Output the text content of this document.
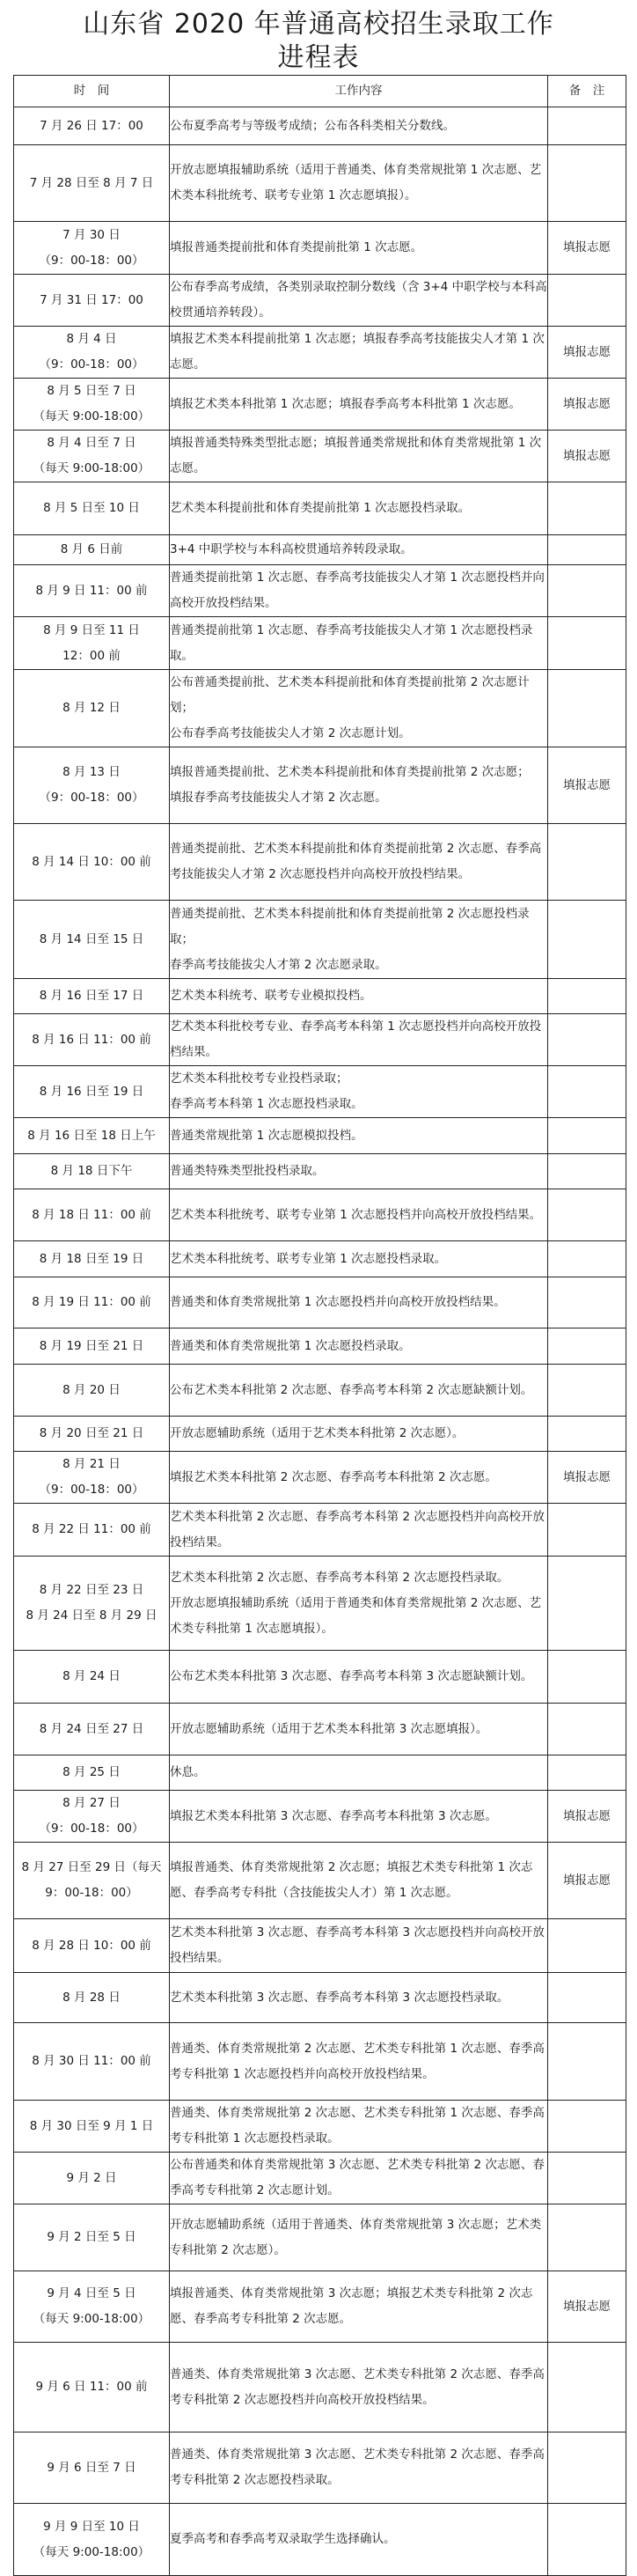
山东省 2020 年普通高校招生录取工作
进程表
时　间	工作内容	备　注

7 月 26 日 17：00	公布夏季高考与等级考成绩；公布各科类相关分数线。	

7 月 28 日至 8 月 7 日	开放志愿填报辅助系统（适用于普通类、体育类常规批第 1 次志愿、艺术类本科批统考、联考专业第 1 次志愿填报）。	

7 月 30 日
（9：00-18：00）	填报普通类提前批和体育类提前批第 1 次志愿。	填报志愿

7 月 31 日 17：00	公布春季高考成绩，各类别录取控制分数线（含 3+4 中职学校与本科高校贯通培养转段）。	

8 月 4 日
（9：00-18：00）	填报艺术类本科提前批第 1 次志愿；填报春季高考技能拔尖人才第 1 次志愿。	填报志愿

8 月 5 日至 7 日
（每天 9:00-18:00）	填报艺术类本科批第 1 次志愿；填报春季高考本科批第 1 次志愿。	填报志愿

8 月 4 日至 7 日
（每天 9:00-18:00）	填报普通类特殊类型批志愿；填报普通类常规批和体育类常规批第 1 次志愿。	填报志愿

8 月 5 日至 10 日	艺术类本科提前批和体育类提前批第 1 次志愿投档录取。	

8 月 6 日前	3+4 中职学校与本科高校贯通培养转段录取。	

8 月 9 日 11：00 前	普通类提前批第 1 次志愿、春季高考技能拔尖人才第 1 次志愿投档并向高校开放投档结果。	

8 月 9 日至 11 日
12：00 前	普通类提前批第 1 次志愿、春季高考技能拔尖人才第 1 次志愿投档录取。	

8 月 12 日	公布普通类提前批、艺术类本科提前批和体育类提前批第 2 次志愿计划；
公布春季高考技能拔尖人才第 2 次志愿计划。	

8 月 13 日
（9：00-18：00）	填报普通类提前批、艺术类本科提前批和体育类提前批第 2 次志愿；
填报春季高考技能拔尖人才第 2 次志愿。	填报志愿

8 月 14 日 10：00 前	普通类提前批、艺术类本科提前批和体育类提前批第 2 次志愿、春季高考技能拔尖人才第 2 次志愿投档并向高校开放投档结果。	

8 月 14 日至 15 日	普通类提前批、艺术类本科提前批和体育类提前批第 2 次志愿投档录取；
春季高考技能拔尖人才第 2 次志愿录取。	

8 月 16 日至 17 日	艺术类本科统考、联考专业模拟投档。	

8 月 16 日 11：00 前	艺术类本科批校考专业、春季高考本科第 1 次志愿投档并向高校开放投档结果。	

8 月 16 日至 19 日	艺术类本科批校考专业投档录取；
春季高考本科第 1 次志愿投档录取。	

8 月 16 日至 18 日上午	普通类常规批第 1 次志愿模拟投档。	

8 月 18 日下午	普通类特殊类型批投档录取。	

8 月 18 日 11：00 前	艺术类本科批统考、联考专业第 1 次志愿投档并向高校开放投档结果。	

8 月 18 日至 19 日	艺术类本科批统考、联考专业第 1 次志愿投档录取。	

8 月 19 日 11：00 前	普通类和体育类常规批第 1 次志愿投档并向高校开放投档结果。	

8 月 19 日至 21 日	普通类和体育类常规批第 1 次志愿投档录取。	

8 月 20 日	公布艺术类本科批第 2 次志愿、春季高考本科第 2 次志愿缺额计划。	

8 月 20 日至 21 日	开放志愿辅助系统（适用于艺术类本科批第 2 次志愿）。	

8 月 21 日
（9：00-18：00）	填报艺术类本科批第 2 次志愿、春季高考本科批第 2 次志愿。	填报志愿

8 月 22 日 11：00 前	艺术类本科批第 2 次志愿、春季高考本科第 2 次志愿投档并向高校开放投档结果。	

8 月 22 日至 23 日
8 月 24 日至 8 月 29 日	艺术类本科批第 2 次志愿、春季高考本科第 2 次志愿投档录取。
开放志愿填报辅助系统（适用于普通类和体育类常规批第 2 次志愿、艺术类专科批第 1 次志愿填报）。	

8 月 24 日	公布艺术类本科批第 3 次志愿、春季高考本科第 3 次志愿缺额计划。	

8 月 24 日至 27 日	开放志愿辅助系统（适用于艺术类本科批第 3 次志愿填报）。	

8 月 25 日	休息。	

8 月 27 日
（9：00-18：00）	填报艺术类本科批第 3 次志愿、春季高考本科批第 3 次志愿。	填报志愿

8 月 27 日至 29 日（每天 9：00-18：00）	填报普通类、体育类常规批第 2 次志愿；填报艺术类专科批第 1 次志愿、春季高考专科批（含技能拔尖人才）第 1 次志愿。	填报志愿

8 月 28 日 10：00 前	艺术类本科批第 3 次志愿、春季高考本科第 3 次志愿投档并向高校开放投档结果。	

8 月 28 日	艺术类本科批第 3 次志愿、春季高考本科第 3 次志愿投档录取。	

8 月 30 日 11：00 前	普通类、体育类常规批第 2 次志愿、艺术类专科批第 1 次志愿、春季高考专科批第 1 次志愿投档并向高校开放投档结果。	

8 月 30 日至 9 月 1 日	普通类、体育类常规批第 2 次志愿、艺术类专科批第 1 次志愿、春季高考专科批第 1 次志愿投档录取。	

9 月 2 日	公布普通类和体育类常规批第 3 次志愿、艺术类专科批第 2 次志愿、春季高考专科批第 2 次志愿计划。	

9 月 2 日至 5 日	开放志愿辅助系统（适用于普通类、体育类常规批第 3 次志愿；艺术类专科批第 2 次志愿）。	

9 月 4 日至 5 日
（每天 9:00-18:00）	填报普通类、体育类常规批第 3 次志愿；填报艺术类专科批第 2 次志愿、春季高考专科批第 2 次志愿。	填报志愿

9 月 6 日 11：00 前	普通类、体育类常规批第 3 次志愿、艺术类专科批第 2 次志愿、春季高考专科批第 2 次志愿投档并向高校开放投档结果。	

9 月 6 日至 7 日	普通类、体育类常规批第 3 次志愿、艺术类专科批第 2 次志愿、春季高考专科批第 2 次志愿投档录取。	

9 月 9 日至 10 日
（每天 9:00-18:00）	夏季高考和春季高考双录取学生选择确认。	
